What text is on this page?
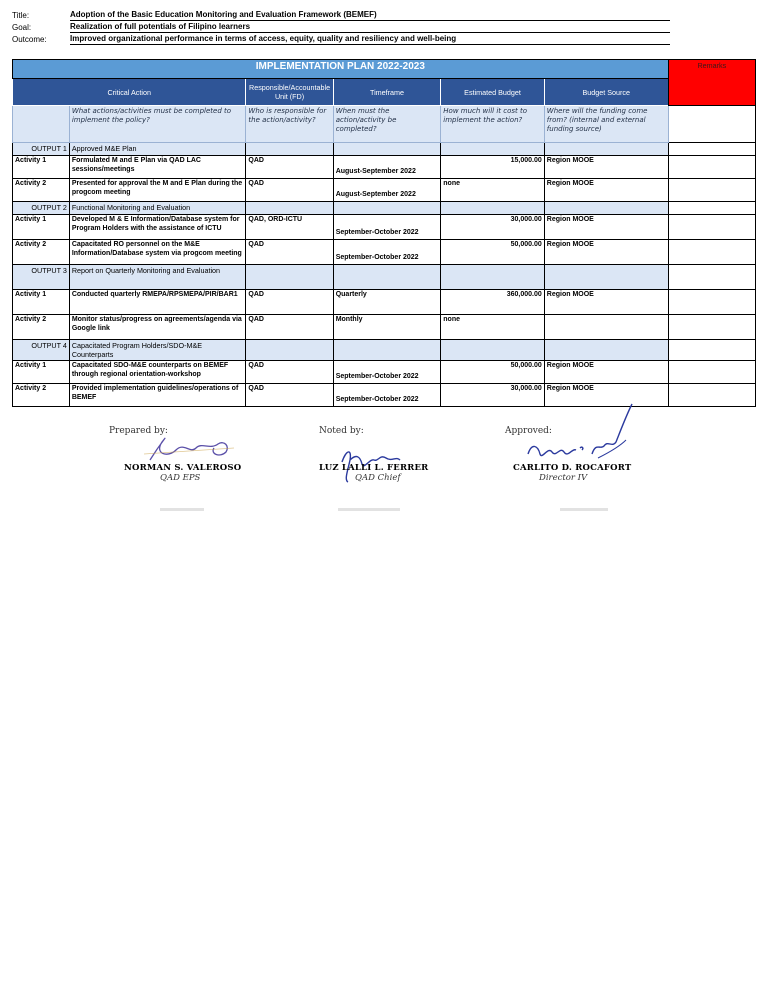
Title:	Adoption of the Basic Education Monitoring and Evaluation Framework (BEMEF)
Goal:	Realization of full potentials of Filipino learners
Outcome:	Improved organizational performance in terms of access, equity, quality and resiliency and well-being
IMPLEMENTATION PLAN 2022-2023						Remarks
Critical Action		Responsible/Accountable Unit (FD)	Timeframe	Estimated Budget	Budget Source	
	What actions/activities must be completed to implement the policy?	Who is responsible for the action/activity?	When must the action/activity be completed?	How much will it cost to implement the action?	Where will the funding come from? (internal and external funding source)	
OUTPUT 1	Approved M&E Plan					
Activity 1	Formulated M and E Plan via QAD LAC sessions/meetings	QAD	August-September 2022	15,000.00	Region MOOE	
Activity 2	Presented for approval the M and E Plan during the progcom meeting	QAD	August-September 2022	none	Region MOOE	
OUTPUT 2	Functional Monitoring and Evaluation					
Activity 1	Developed M & E Information/Database system for Program Holders with the assistance of ICTU	QAD, ORD-ICTU	September-October 2022	30,000.00	Region MOOE	
Activity 2	Capacitated RO personnel on the M&E Information/Database system via progcom meeting	QAD	September-October 2022	50,000.00	Region MOOE	
OUTPUT 3	Report on Quarterly Monitoring and Evaluation					
Activity 1	Conducted quarterly RMEPA/RPSMEPA/PIR/BAR1	QAD	Quarterly	360,000.00	Region MOOE	
Activity 2	Monitor status/progress on agreements/agenda via Google link	QAD	Monthly	none		
OUTPUT 4	Capacitated Program Holders/SDO-M&E Counterparts					
Activity 1	Capacitated SDO-M&E counterparts on BEMEF through regional orientation-workshop	QAD	September-October 2022	50,000.00	Region MOOE	
Activity 2	Provided implementation guidelines/operations of BEMEF	QAD	September-October 2022	30,000.00	Region MOOE	
Prepared by:
NORMAN S. VALEROSO
QAD EPS
Noted by:
LUZ LALLI L. FERRER
QAD Chief
Approved:
CARLITO D. ROCAFORT
Director IV
